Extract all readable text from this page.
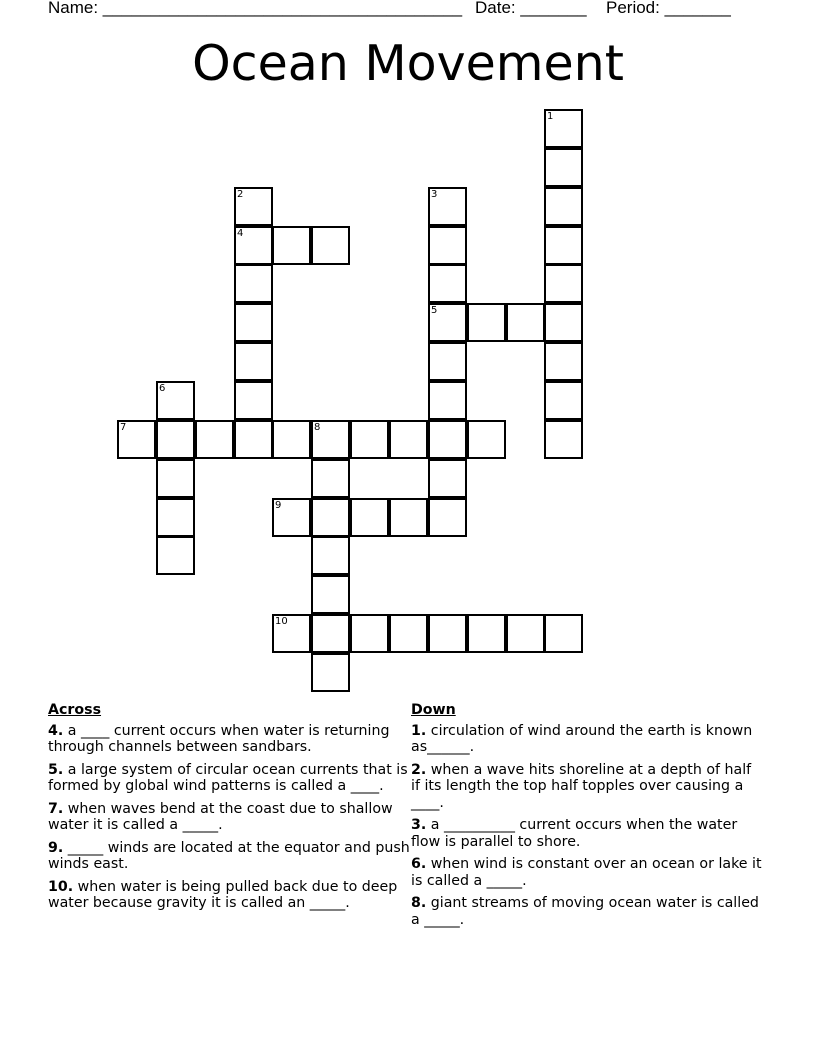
Name: ______________________________________ Date: _______ Period: _______
Ocean Movement
1
2
4
3
5
6
7	8
9
10
Across
4. a ____ current occurs when water is returning through channels between sandbars.
5. a large system of circular ocean currents that is formed by global wind patterns is called a ____.
7. when waves bend at the coast due to shallow water it is called a _____.
9. _____ winds are located at the equator and push winds east.
10. when water is being pulled back due to deep water because gravity it is called an _____.
Down
1. circulation of wind around the earth is known as______.
2. when a wave hits shoreline at a depth of half if its length the top half topples over causing a ____.
3. a __________ current occurs when the water flow is parallel to shore.
6. when wind is constant over an ocean or lake it is called a _____.
8. giant streams of moving ocean water is called a _____.
